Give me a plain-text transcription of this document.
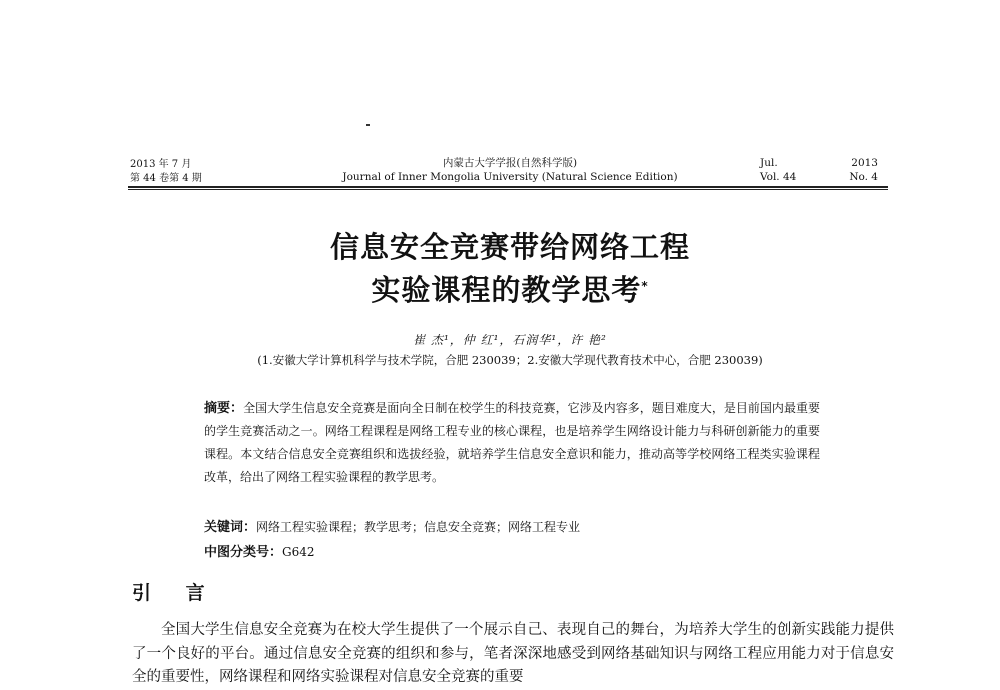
2013 年 7 月
第 44 卷第 4 期
内蒙古大学学报(自然科学版)
Journal of Inner Mongolia University (Natural Science Edition)
Jul.	2013
Vol. 44	No. 4
信息安全竞赛带给网络工程
实验课程的教学思考*
崔 杰¹，仲 红¹，石润华¹，许 艳²
(1.安徽大学计算机科学与技术学院，合肥 230039；2.安徽大学现代教育技术中心，合肥 230039)
摘要：全国大学生信息安全竞赛是面向全日制在校学生的科技竞赛，它涉及内容多，题目难度大，是目前国内最重要的学生竞赛活动之一。网络工程课程是网络工程专业的核心课程，也是培养学生网络设计能力与科研创新能力的重要课程。本文结合信息安全竞赛组织和选拔经验，就培养学生信息安全意识和能力，推动高等学校网络工程类实验课程改革，给出了网络工程实验课程的教学思考。
关键词：网络工程实验课程；教学思考；信息安全竞赛；网络工程专业
中图分类号：G642
引 言
全国大学生信息安全竞赛为在校大学生提供了一个展示自己、表现自己的舞台，为培养大学生的创新实践能力提供了一个良好的平台。通过信息安全竞赛的组织和参与，笔者深深地感受到网络基础知识与网络工程应用能力对于信息安全的重要性，网络课程和网络实验课程对信息安全竞赛的重要
